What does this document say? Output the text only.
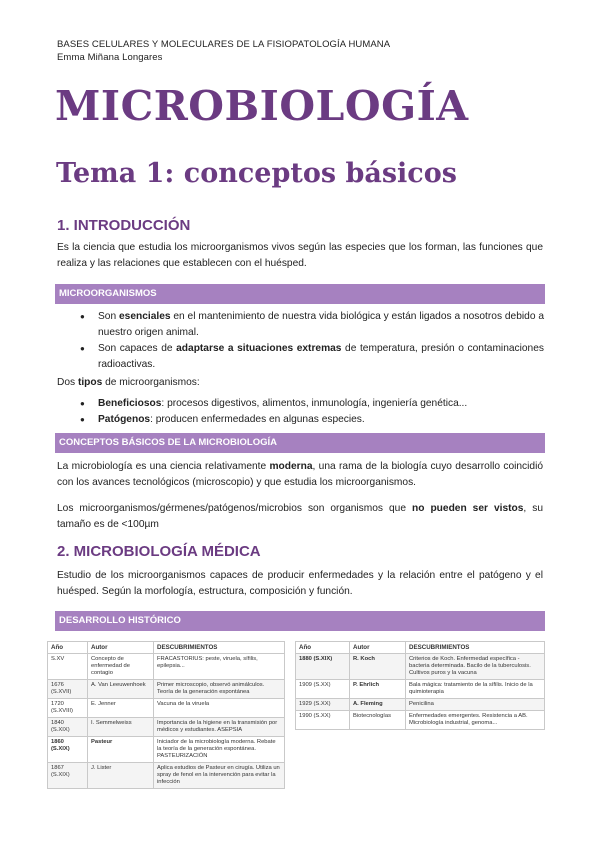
BASES CELULARES Y MOLECULARES DE LA FISIOPATOLOGÍA HUMANA
Emma Miñana Longares
MICROBIOLOGÍA
Tema 1: conceptos básicos
1. INTRODUCCIÓN
Es la ciencia que estudia los microorganismos vivos según las especies que los forman, las funciones que realiza y las relaciones que establecen con el huésped.
MICROORGANISMOS
● Son esenciales en el mantenimiento de nuestra vida biológica y están ligados a nosotros debido a nuestro origen animal.
● Son capaces de adaptarse a situaciones extremas de temperatura, presión o contaminaciones radioactivas.
Dos tipos de microorganismos:
● Beneficiosos: procesos digestivos, alimentos, inmunología, ingeniería genética...
● Patógenos: producen enfermedades en algunas especies.
CONCEPTOS BÁSICOS DE LA MICROBIOLOGÍA
La microbiología es una ciencia relativamente moderna, una rama de la biología cuyo desarrollo coincidió con los avances tecnológicos (microscopio) y que estudia los microorganismos.
Los microorganismos/gérmenes/patógenos/microbios son organismos que no pueden ser vistos, su tamaño es de <100µm
2. MICROBIOLOGÍA MÉDICA
Estudio de los microorganismos capaces de producir enfermedades y la relación entre el patógeno y el huésped. Según la morfología, estructura, composición y función.
DESARROLLO HISTÓRICO
Año	Autor	DESCUBRIMIENTOS
S.XV	Concepto de enfermedad de contagio	FRACASTORIUS: peste, viruela, sífilis, epilepsia...
1676 (S.XVII)	A. Van Leeuwenhoek	Primer microscopio, observó animálculos. Teoría de la generación espontánea
1720 (S.XVIII)	E. Jenner	Vacuna de la viruela
1840 (S.XIX)	I. Semmelweiss	Importancia de la higiene en la transmisión por médicos y estudiantes. ASEPSIA
1860 (S.XIX)	Pasteur	Iniciador de la microbiología moderna. Rebate la teoría de la generación espontánea. PASTEURIZACIÓN
1867 (S.XIX)	J. Lister	Aplica estudios de Pasteur en cirugía. Utiliza un spray de fenol en la intervención para evitar la infección
Año	Autor	DESCUBRIMIENTOS
1880 (S.XIX)	R. Koch	Criterios de Koch. Enfermedad específica - bacteria determinada. Bacilo de la tuberculosis. Cultivos puros y la vacuna
1909 (S.XX)	P. Ehrlich	Bala mágica: tratamiento de la sífilis. Inicio de la quimioterapia
1929 (S.XX)	A. Fleming	Penicilina
1990 (S.XX)	Biotecnologías	Enfermedades emergentes. Resistencia a AB. Microbiología industrial, genoma...
